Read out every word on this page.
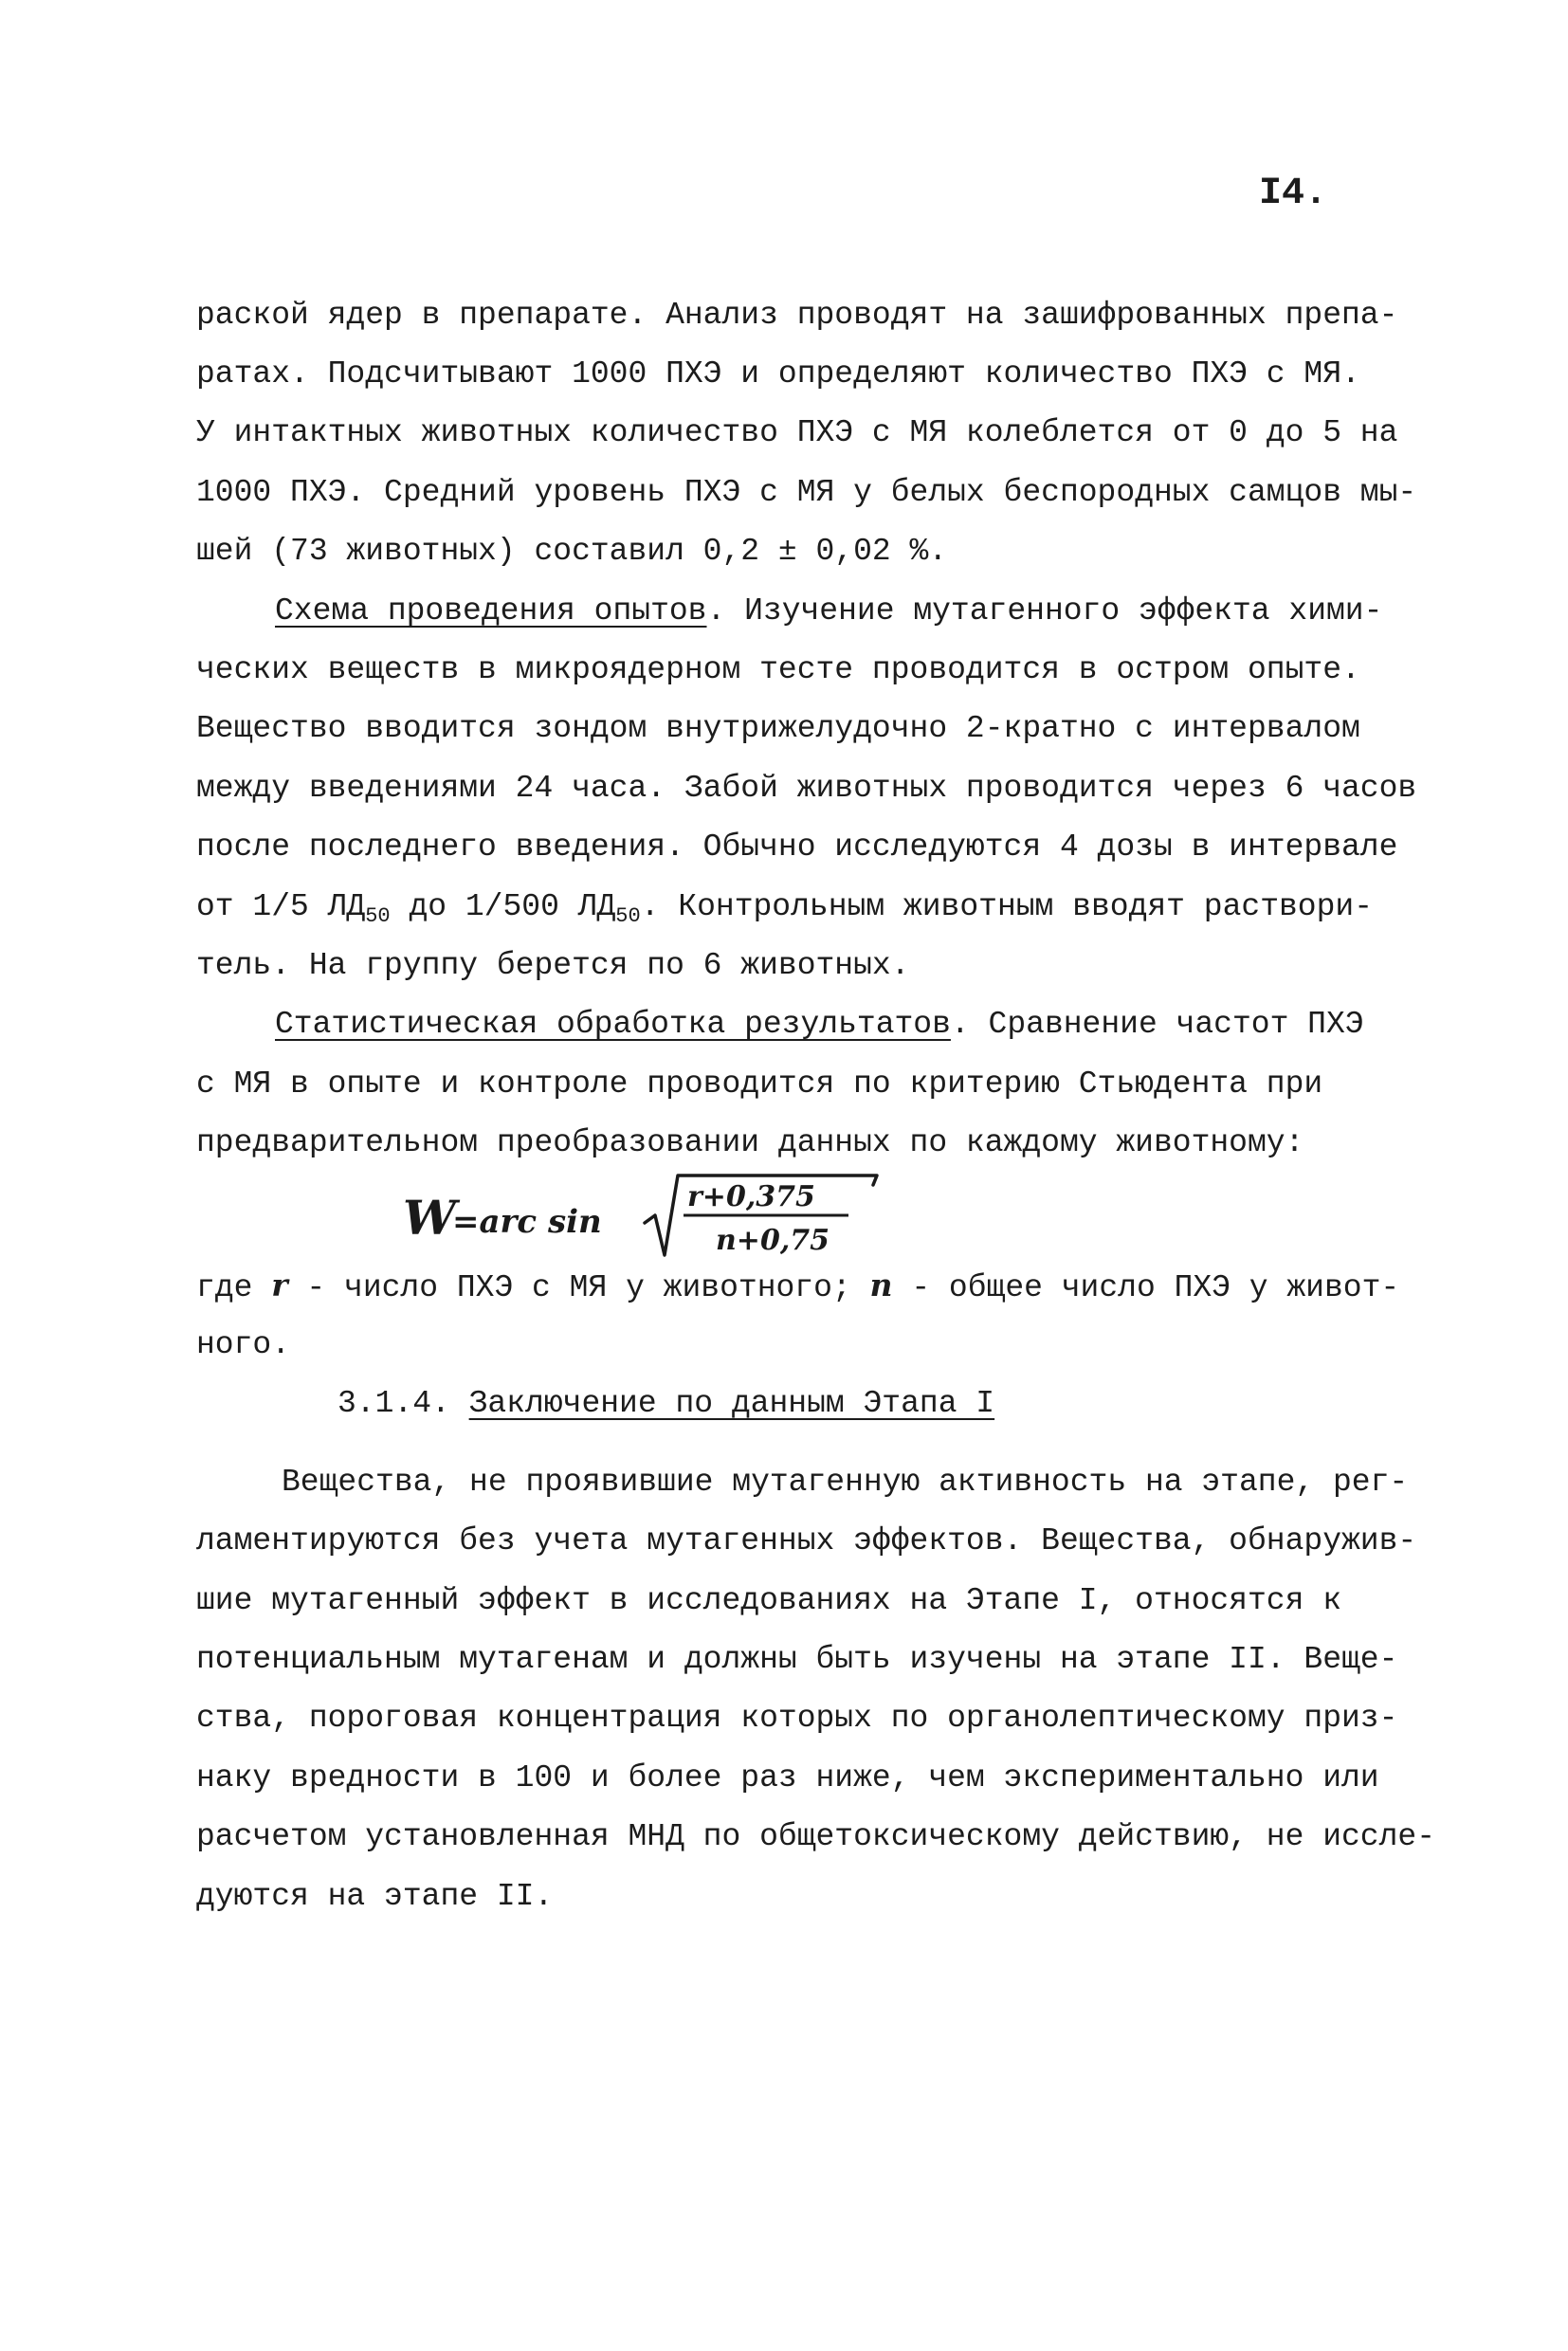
I4.
раской ядер в препарате. Анализ проводят на зашифрованных препа-
ратах. Подсчитывают 1000 ПХЭ и определяют количество ПХЭ с МЯ.
У интактных животных количество ПХЭ с МЯ колеблется от 0 до 5 на
1000 ПХЭ. Средний уровень ПХЭ с МЯ у белых беспородных самцов мы-
шей (73 животных) составил 0,2 ± 0,02 %.
Схема проведения опытов. Изучение мутагенного эффекта хими-
ческих веществ в микроядерном тесте проводится в остром опыте.
Вещество вводится зондом внутрижелудочно 2-кратно с интервалом
между введениями 24 часа. Забой животных проводится через 6 часов
после последнего введения. Обычно исследуются 4 дозы в интервале
от 1/5 $ЛД_{50}$ до 1/500 $ЛД_{50}$. Контрольным животным вводят раствори-
тель. На группу берется по 6 животных.
Статистическая обработка результатов. Сравнение частот ПХЭ
с МЯ в опыте и контроле проводится по критерию Стьюдента при
предварительном преобразовании данных по каждому животному:
W
=arc sin
r+0,375
n+0,75
где r - число ПХЭ с МЯ у животного; n - общее число ПХЭ у живот-
ного.
3.1.4. Заключение по данным Этапа I
Вещества, не проявившие мутагенную активность на этапе, рег-
ламентируются без учета мутагенных эффектов. Вещества, обнаружив-
шие мутагенный эффект в исследованиях на Этапе I, относятся к
потенциальным мутагенам и должны быть изучены на этапе II. Веще-
ства, пороговая концентрация которых по органолептическому приз-
наку вредности в 100 и более раз ниже, чем экспериментально или
расчетом установленная МНД по общетоксическому действию, не иссле-
дуются на этапе II.
